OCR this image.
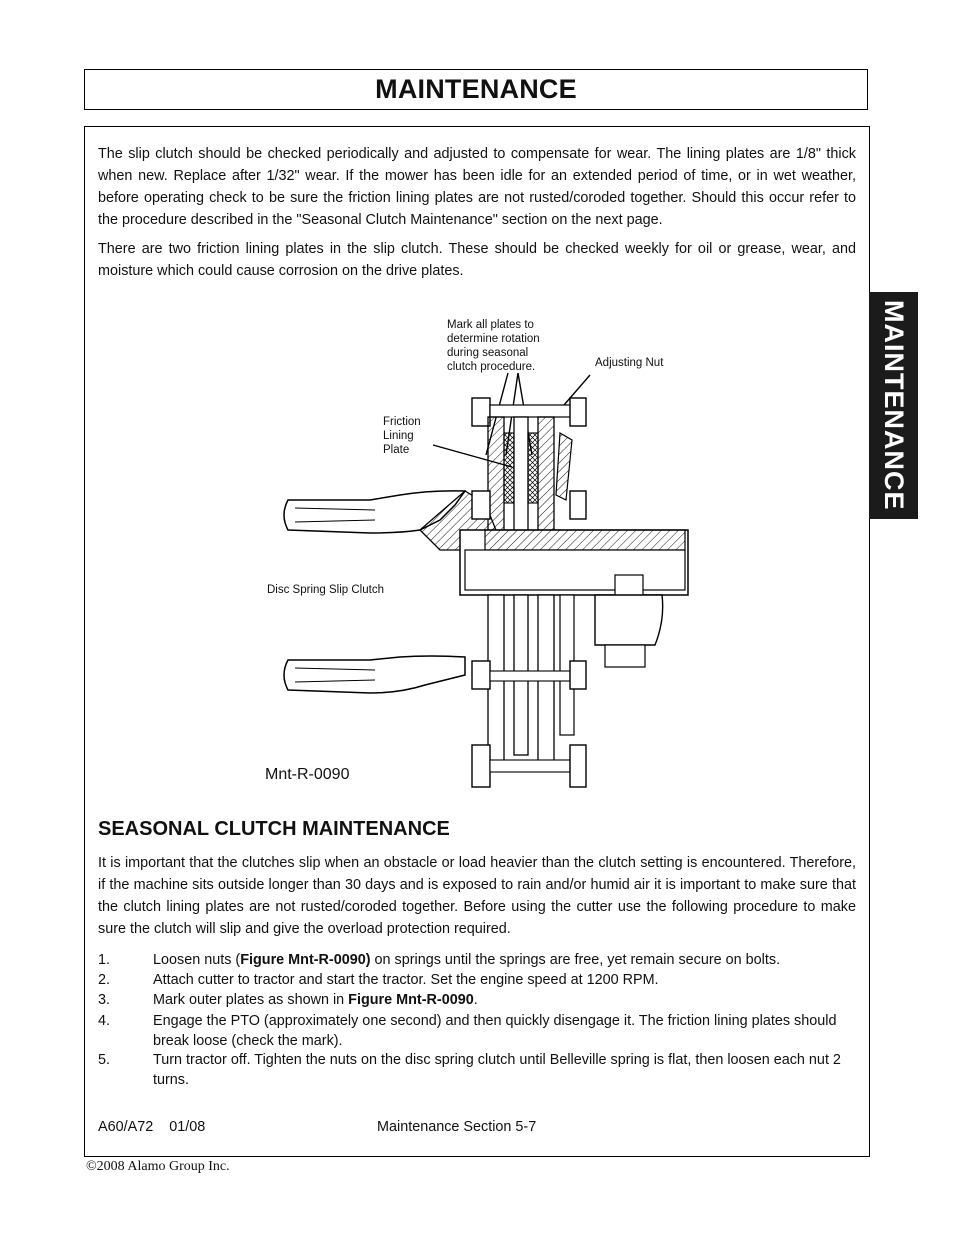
MAINTENANCE
MAINTENANCE

The slip clutch should be checked periodically and adjusted to compensate for wear. The lining plates are 1/8" thick when new. Replace after 1/32" wear. If the mower has been idle for an extended period of time, or in wet weather, before operating check to be sure the friction lining plates are not rusted/coroded together. Should this occur refer to the procedure described in the "Seasonal Clutch Maintenance" section on the next page.

There are two friction lining plates in the slip clutch. These should be checked weekly for oil or grease, wear, and moisture which could cause corrosion on the drive plates.

Mark all plates to
determine rotation
during seasonal
clutch procedure.	Adjusting Nut
Friction
Lining
Plate
Disc Spring Slip Clutch
Mnt-R-0090
SEASONAL CLUTCH MAINTENANCE

It is important that the clutches slip when an obstacle or load heavier than the clutch setting is encountered. Therefore, if the machine sits outside longer than 30 days and is exposed to rain and/or humid air it is important to make sure that the clutch lining plates are not rusted/coroded together. Before using the cutter use the following procedure to make sure the clutch will slip and give the overload protection required.

1.	Loosen nuts (Figure Mnt-R-0090) on springs until the springs are free, yet remain secure on bolts.
2.	Attach cutter to tractor and start the tractor. Set the engine speed at 1200 RPM.
3.	Mark outer plates as shown in Figure Mnt-R-0090.
4.	Engage the PTO (approximately one second) and then quickly disengage it. The friction lining plates should break loose (check the mark).
5.	Turn tractor off. Tighten the nuts on the disc spring clutch until Belleville spring is flat, then loosen each nut 2 turns.
A60/A72    01/08	Maintenance Section 5-7
©2008 Alamo Group Inc.
